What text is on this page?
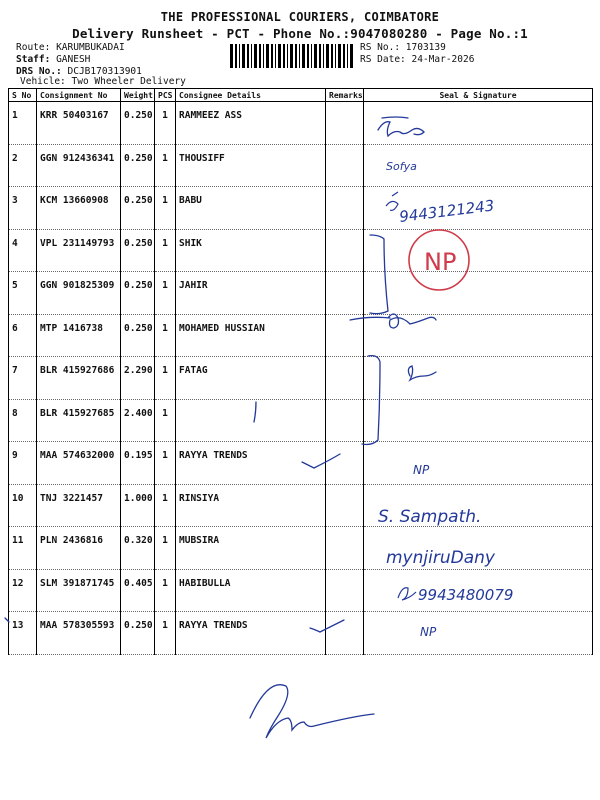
THE PROFESSIONAL COURIERS, COIMBATORE
Delivery Runsheet - PCT - Phone No.:9047080280 - Page No.:1
Route: KARUMBUKADAI
Staff: GANESH
DRS No.: DCJB170313901
Vehicle: Two Wheeler Delivery
RS No.: 1703139
RS Date: 24-Mar-2026
S No	Consignment No	Weight	PCS	Consignee Details	Remarks	Seal & Signature
1	KRR 50403167	0.250	1	RAMMEEZ ASS		
2	GGN 912436341	0.250	1	THOUSIFF		
3	KCM 13660908	0.250	1	BABU		
4	VPL 231149793	0.250	1	SHIK		
5	GGN 901825309	0.250	1	JAHIR		
6	MTP 1416738	0.250	1	MOHAMED HUSSIAN		
7	BLR 415927686	2.290	1	FATAG		
8	BLR 415927685	2.400	1			
9	MAA 574632000	0.195	1	RAYYA TRENDS		
10	TNJ 3221457	1.000	1	RINSIYA		
11	PLN 2436816	0.320	1	MUBSIRA		
12	SLM 391871745	0.405	1	HABIBULLA		
13	MAA 578305593	0.250	1	RAYYA TRENDS		
NP
Sofya
9443121243
NP
S. Sampath.
mynjiruDany
9943480079
NP
